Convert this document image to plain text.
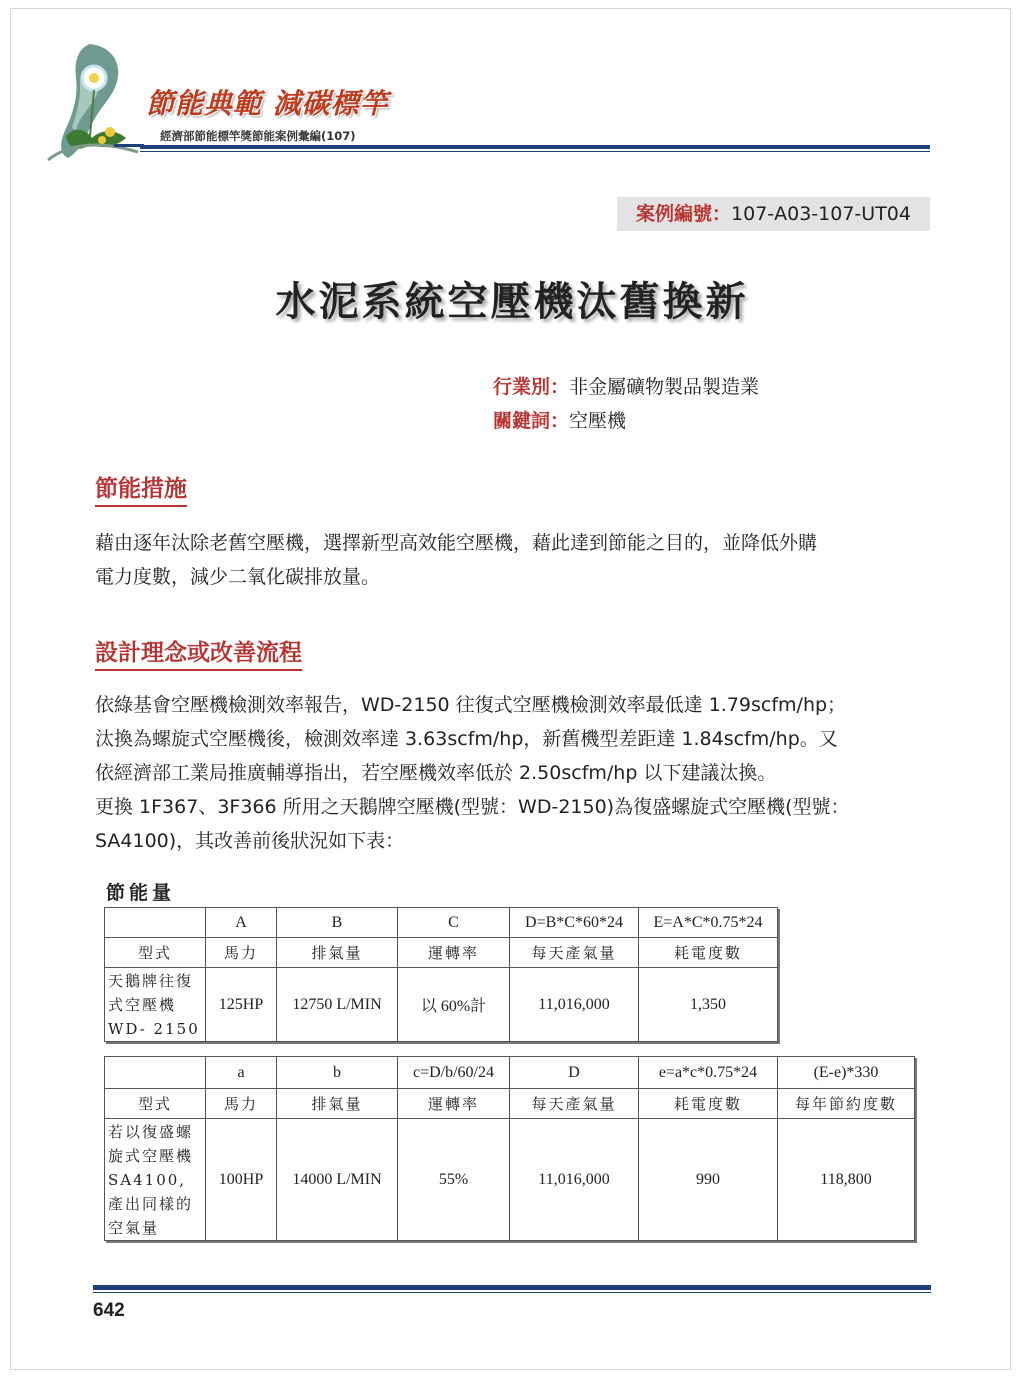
節能典範 減碳標竿
經濟部節能標竿獎節能案例彙編(107)
案例編號：107-A03-107-UT04
水泥系統空壓機汰舊換新
行業別：非金屬礦物製品製造業
關鍵詞：空壓機
節能措施
藉由逐年汰除老舊空壓機，選擇新型高效能空壓機，藉此達到節能之目的，並降低外購
電力度數，減少二氧化碳排放量。
設計理念或改善流程
依綠基會空壓機檢測效率報告，WD-2150 往復式空壓機檢測效率最低達 1.79scfm/hp；
汰換為螺旋式空壓機後，檢測效率達 3.63scfm/hp，新舊機型差距達 1.84scfm/hp。又
依經濟部工業局推廣輔導指出，若空壓機效率低於 2.50scfm/hp 以下建議汰換。
更換 1F367、3F366 所用之天鵝牌空壓機(型號：WD-2150)為復盛螺旋式空壓機(型號：
SA4100)，其改善前後狀況如下表：
節能量
	A	B	C	D=B*C*60*24	E=A*C*0.75*24
型式	馬力	排氣量	運轉率	每天產氣量	耗電度數
天鵝牌往復式空壓機WD- 2150	125HP	12750 L/MIN	以 60%計	11,016,000	1,350
	a	b	c=D/b/60/24	D	e=a*c*0.75*24	(E-e)*330
型式	馬力	排氣量	運轉率	每天產氣量	耗電度數	每年節約度數
若以復盛螺旋式空壓機SA4100,產出同樣的空氣量	100HP	14000 L/MIN	55%	11,016,000	990	118,800
642
